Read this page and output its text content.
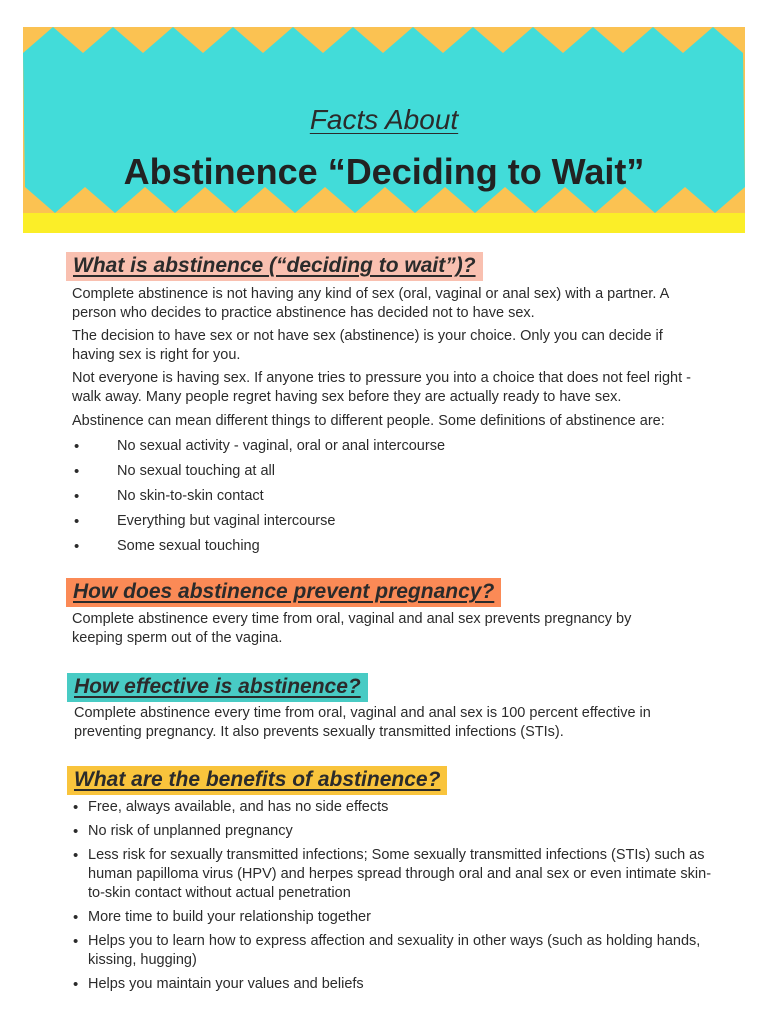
Facts About
Abstinence “Deciding to Wait”
What is abstinence (“deciding to wait”)?

Complete abstinence is not having any kind of sex (oral, vaginal or anal sex) with a partner. A person who decides to practice abstinence has decided not to have sex.

The decision to have sex or not have sex (abstinence) is your choice. Only you can decide if having sex is right for you.

Not everyone is having sex. If anyone tries to pressure you into a choice that does not feel right - walk away. Many people regret having sex before they are actually ready to have sex.

Abstinence can mean different things to different people. Some definitions of abstinence are:

• No sexual activity - vaginal, oral or anal intercourse
• No sexual touching at all
• No skin-to-skin contact
• Everything but vaginal intercourse
• Some sexual touching
How does abstinence prevent pregnancy?

Complete abstinence every time from oral, vaginal and anal sex prevents pregnancy by keeping sperm out of the vagina.

How effective is abstinence?

Complete abstinence every time from oral, vaginal and anal sex is 100 percent effective in preventing pregnancy. It also prevents sexually transmitted infections (STIs).

What are the benefits of abstinence?
• Free, always available, and has no side effects
• No risk of unplanned pregnancy
• Less risk for sexually transmitted infections; Some sexually transmitted infections (STIs) such as human papilloma virus (HPV) and herpes spread through oral and anal sex or even intimate skin-to-skin contact without actual penetration
• More time to build your relationship together
• Helps you to learn how to express affection and sexuality in other ways (such as holding hands, kissing, hugging)
• Helps you maintain your values and beliefs
